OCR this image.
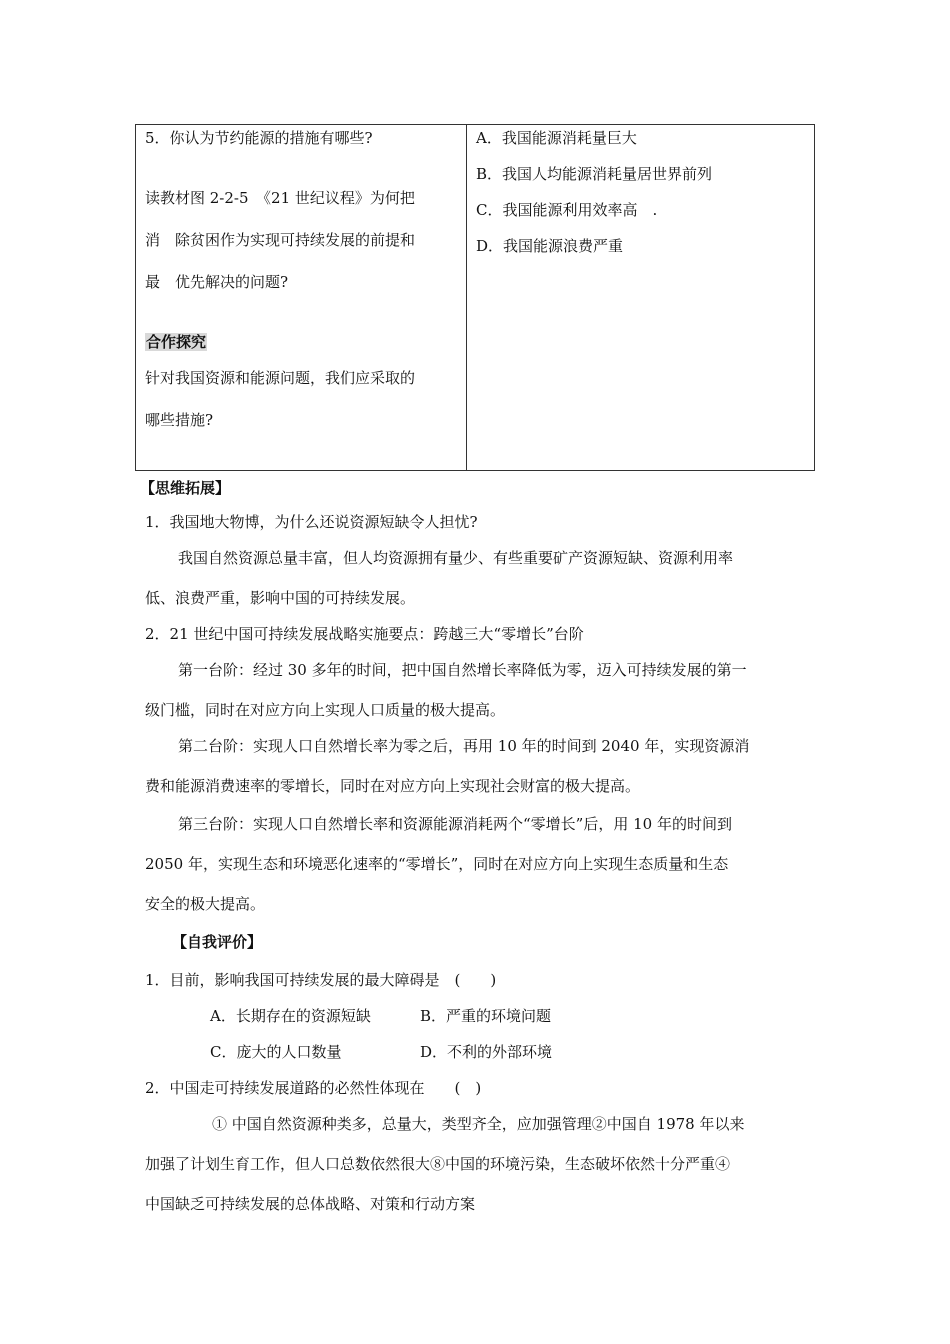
5．你认为节约能源的措施有哪些?
读教材图 2-2-5　《21 世纪议程》为何把
消　除贫困作为实现可持续发展的前提和
最　优先解决的问题?
合作探究
针对我国资源和能源问题，我们应采取的
哪些措施?
A．我国能源消耗量巨大
B．我国人均能源消耗量居世界前列
C．我国能源利用效率高　.
D．我国能源浪费严重
【思维拓展】
1．我国地大物博，为什么还说资源短缺令人担忧?
我国自然资源总量丰富，但人均资源拥有量少、有些重要矿产资源短缺、资源利用率
低、浪费严重，影响中国的可持续发展。
2．21 世纪中国可持续发展战略实施要点：跨越三大“零增长”台阶
第一台阶：经过 30 多年的时间，把中国自然增长率降低为零，迈入可持续发展的第一
级门槛，同时在对应方向上实现人口质量的极大提高。
第二台阶：实现人口自然增长率为零之后，再用 10 年的时间到 2040 年，实现资源消
费和能源消费速率的零增长，同时在对应方向上实现社会财富的极大提高。
第三台阶：实现人口自然增长率和资源能源消耗两个“零增长”后，用 10 年的时间到
2050 年，实现生态和环境恶化速率的“零增长”，同时在对应方向上实现生态质量和生态
安全的极大提高。
【自我评价】
1．目前，影响我国可持续发展的最大障碍是　(　　)
A．长期存在的资源短缺	B．严重的环境问题
C．庞大的人口数量	D．不利的外部环境
2．中国走可持续发展道路的必然性体现在　　(　)
① 中国自然资源种类多，总量大，类型齐全，应加强管理②中国自 1978 年以来
加强了计划生育工作，但人口总数依然很大⑧中国的环境污染，生态破坏依然十分严重④
中国缺乏可持续发展的总体战略、对策和行动方案
